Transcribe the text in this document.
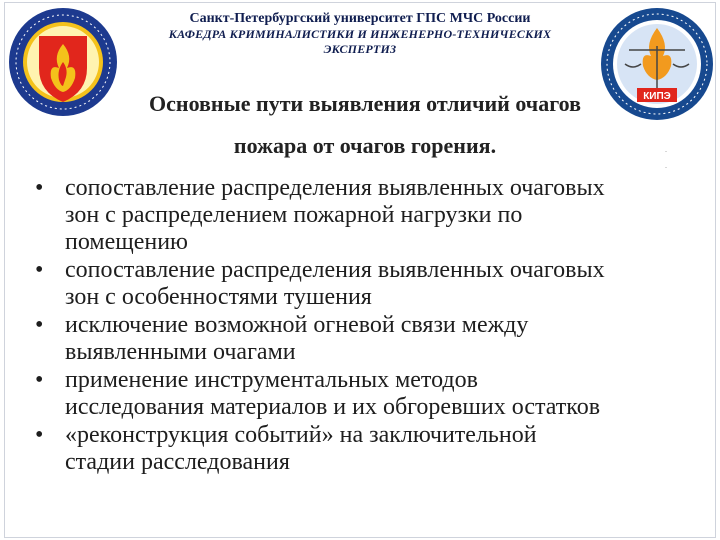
Санкт-Петербургский университет ГПС МЧС России
КАФЕДРА КРИМИНАЛИСТИКИ И ИНЖЕНЕРНО-ТЕХНИЧЕСКИХ
ЭКСПЕРТИЗ
КИПЭ
Основные пути выявления отличий очагов
пожара от очагов горения.	.
.
• сопоставление распределения выявленных очаговых
зон с распределением пожарной нагрузки по
помещению
• сопоставление распределения выявленных очаговых
зон с особенностями тушения
• исключение возможной огневой связи между
выявленными очагами
• применение инструментальных методов
исследования материалов и их обгоревших остатков
• «реконструкция событий» на заключительной
стадии расследования
